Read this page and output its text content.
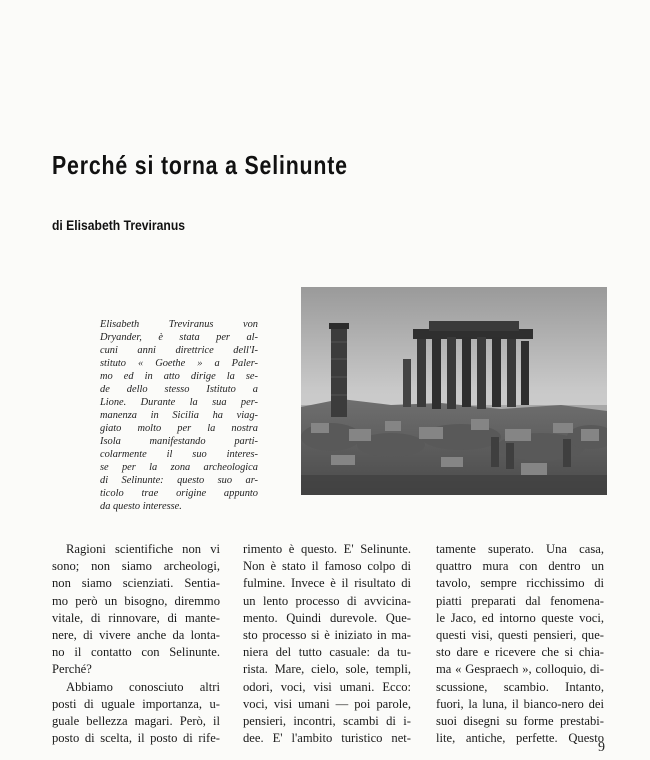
Perché si torna a Selinunte
di Elisabeth Treviranus
Elisabeth Treviranus von
Dryander, è stata per al-
cuni anni direttrice dell'I-
stituto « Goethe » a Paler-
mo ed in atto dirige la se-
de dello stesso Istituto a
Lione. Durante la sua per-
manenza in Sicilia ha viag-
giato molto per la nostra
Isola manifestando parti-
colarmente il suo interes-
se per la zona archeologica
di Selinunte: questo suo ar-
ticolo trae origine appunto
da questo interesse.
Ragioni scientifiche non vi
sono; non siamo archeologi,
non siamo scienziati. Sentia-
mo però un bisogno, diremmo
vitale, di rinnovare, di mante-
nere, di vivere anche da lonta-
no il contatto con Selinunte.
Perché?
Abbiamo conosciuto altri
posti di uguale importanza, u-
guale bellezza magari. Però, il
posto di scelta, il posto di rife-
rimento è questo. E' Selinunte.
Non è stato il famoso colpo di
fulmine. Invece è il risultato di
un lento processo di avvicina-
mento. Quindi durevole. Que-
sto processo si è iniziato in ma-
niera del tutto casuale: da tu-
rista. Mare, cielo, sole, templi,
odori, voci, visi umani. Ecco:
voci, visi umani — poi parole,
pensieri, incontri, scambi di i-
dee. E' l'ambito turistico net-
tamente superato. Una casa,
quattro mura con dentro un
tavolo, sempre ricchissimo di
piatti preparati dal fenomena-
le Jaco, ed intorno queste voci,
questi visi, questi pensieri, que-
sto dare e ricevere che si chia-
ma « Gespraech », colloquio, di-
scussione, scambio. Intanto,
fuori, la luna, il bianco-nero dei
suoi disegni su forme prestabi-
lite, antiche, perfette. Questo
9
